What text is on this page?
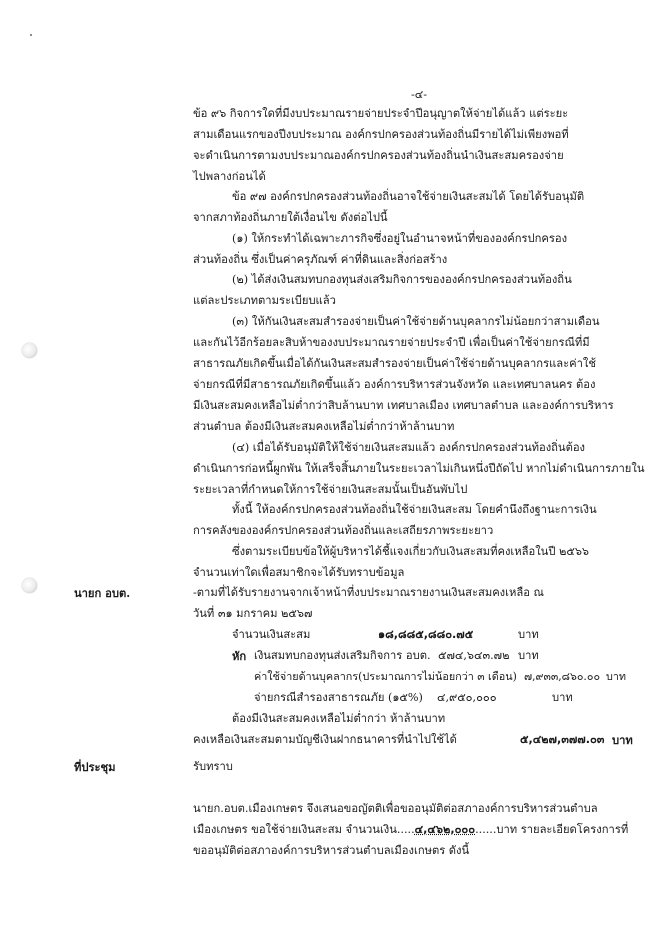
-๔-
ข้อ ๙๖ กิจการใดที่มีงบประมาณรายจ่ายประจำปีอนุญาตให้จ่ายได้แล้ว แต่ระยะ
สามเดือนแรกของปีงบประมาณ องค์กรปกครองส่วนท้องถิ่นมีรายได้ไม่เพียงพอที่
จะดำเนินการตามงบประมาณองค์กรปกครองส่วนท้องถิ่นนำเงินสะสมครองจ่าย
ไปพลางก่อนได้
ข้อ ๙๗ องค์กรปกครองส่วนท้องถิ่นอาจใช้จ่ายเงินสะสมได้ โดยได้รับอนุมัติ
จากสภาท้องถิ่นภายใต้เงื่อนไข ดังต่อไปนี้
(๑) ให้กระทำได้เฉพาะภารกิจซึ่งอยู่ในอำนาจหน้าที่ขององค์กรปกครอง
ส่วนท้องถิ่น ซึ่งเป็นค่าครุภัณฑ์ ค่าที่ดินและสิ่งก่อสร้าง
(๒) ได้ส่งเงินสมทบกองทุนส่งเสริมกิจการขององค์กรปกครองส่วนท้องถิ่น
แต่ละประเภทตามระเบียบแล้ว
(๓) ให้กันเงินสะสมสำรองจ่ายเป็นค่าใช้จ่ายด้านบุคลากรไม่น้อยกว่าสามเดือน
และกันไว้อีกร้อยละสิบห้าของงบประมาณรายจ่ายประจำปี เพื่อเป็นค่าใช้จ่ายกรณีที่มี
สาธารณภัยเกิดขึ้นเมื่อได้กันเงินสะสมสำรองจ่ายเป็นค่าใช้จ่ายด้านบุคลากรและค่าใช้
จ่ายกรณีที่มีสาธารณภัยเกิดขึ้นแล้ว องค์การบริหารส่วนจังหวัด และเทศบาลนคร ต้อง
มีเงินสะสมคงเหลือไม่ต่ำกว่าสิบล้านบาท เทศบาลเมือง เทศบาลตำบล และองค์การบริหาร
ส่วนตำบล ต้องมีเงินสะสมคงเหลือไม่ต่ำกว่าห้าล้านบาท
(๔) เมื่อได้รับอนุมัติให้ใช้จ่ายเงินสะสมแล้ว องค์กรปกครองส่วนท้องถิ่นต้อง
ดำเนินการก่อหนี้ผูกพัน ให้เสร็จสิ้นภายในระยะเวลาไม่เกินหนึ่งปีถัดไป หากไม่ดำเนินการภายใน
ระยะเวลาที่กำหนดให้การใช้จ่ายเงินสะสมนั้นเป็นอันพับไป
ทั้งนี้ ให้องค์กรปกครองส่วนท้องถิ่นใช้จ่ายเงินสะสม โดยคำนึงถึงฐานะการเงิน
การคลังขององค์กรปกครองส่วนท้องถิ่นและเสถียรภาพระยะยาว
ซึ่งตามระเบียบข้อให้ผู้บริหารได้ชี้แจงเกี่ยวกับเงินสะสมที่คงเหลือในปี ๒๕๖๖
จำนวนเท่าใดเพื่อสมาชิกจะได้รับทราบข้อมูล
นายก อบต.	-ตามที่ได้รับรายงานจากเจ้าหน้าที่งบประมาณรายงานเงินสะสมคงเหลือ ณ
วันที่ ๓๑ มกราคม ๒๕๖๗
จำนวนเงินสะสม	๑๘,๘๘๕,๘๘๐.๗๕	บาท
หัก เงินสมทบกองทุนส่งเสริมกิจการ อบต. ๕๗๔,๖๔๓.๗๒ บาท
ค่าใช้จ่ายด้านบุคลากร(ประมาณการไม่น้อยกว่า ๓ เดือน) ๗,๙๓๓,๘๖๐.๐๐ บาท
จ่ายกรณีสำรองสาธารณภัย (๑๕%) ๔,๙๕๐,๐๐๐	บาท
ต้องมีเงินสะสมคงเหลือไม่ต่ำกว่า ห้าล้านบาท
คงเหลือเงินสะสมตามบัญชีเงินฝากธนาคารที่นำไปใช้ได้	๕,๔๒๗,๓๗๗.๐๓ บาท
ที่ประชุม	รับทราบ
นายก.อบต.เมืองเกษตร จึงเสนอขอญัตติเพื่อขออนุมัติต่อสภาองค์การบริหารส่วนตำบล
เมืองเกษตร ขอใช้จ่ายเงินสะสม จำนวนเงิน.....๔,๔๖๒,๐๐๐......บาท รายละเอียดโครงการที่
ขออนุมัติต่อสภาองค์การบริหารส่วนตำบลเมืองเกษตร ดังนี้
